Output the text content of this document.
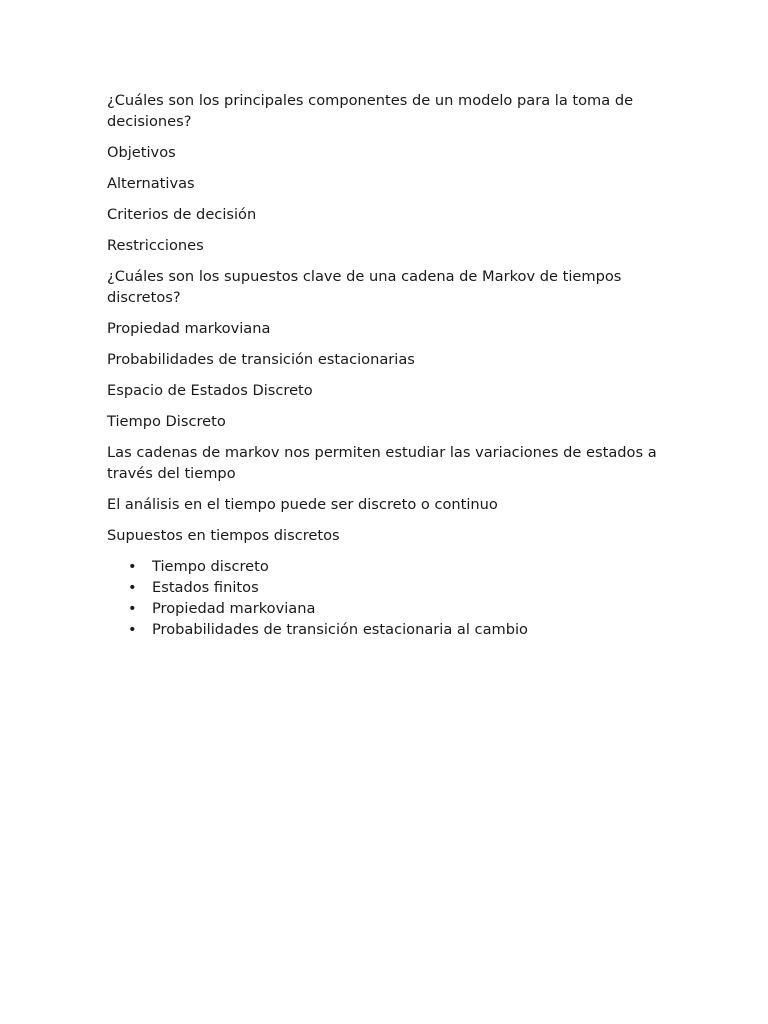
¿Cuáles son los principales componentes de un modelo para la toma de decisiones?

Objetivos

Alternativas

Criterios de decisión

Restricciones

¿Cuáles son los supuestos clave de una cadena de Markov de tiempos discretos?

Propiedad markoviana

Probabilidades de transición estacionarias

Espacio de Estados Discreto

Tiempo Discreto

Las cadenas de markov nos permiten estudiar las variaciones de estados a través del tiempo

El análisis en el tiempo puede ser discreto o continuo

Supuestos en tiempos discretos

• Tiempo discreto
• Estados finitos
• Propiedad markoviana
• Probabilidades de transición estacionaria al cambio
